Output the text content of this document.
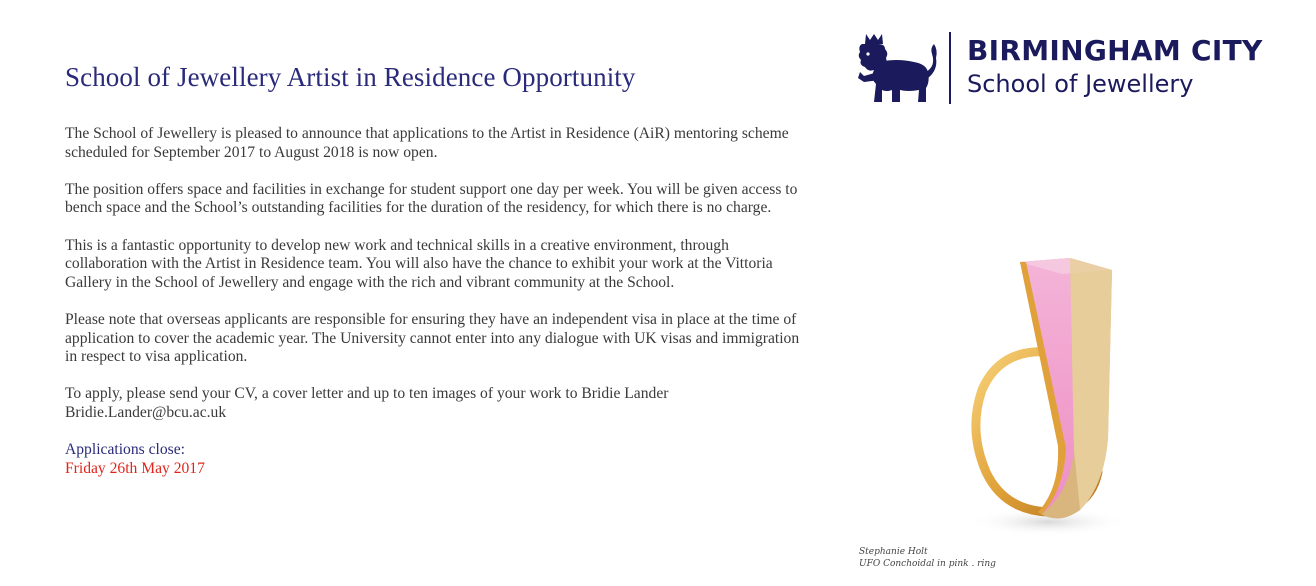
School of Jewellery Artist in Residence Opportunity

The School of Jewellery is pleased to announce that applications to the Artist in Residence (AiR) mentoring scheme scheduled for September 2017 to August 2018 is now open.

The position offers space and facilities in exchange for student support one day per week. You will be given access to bench space and the School’s outstanding facilities for the duration of the residency, for which there is no charge.

This is a fantastic opportunity to develop new work and technical skills in a creative environment, through collaboration with the Artist in Residence team. You will also have the chance to exhibit your work at the Vittoria Gallery in the School of Jewellery and engage with the rich and vibrant community at the School.

Please note that overseas applicants are responsible for ensuring they have an independent visa in place at the time of application to cover the academic year. The University cannot enter into any dialogue with UK visas and immigration in respect to visa application.

To apply, please send your CV, a cover letter and up to ten images of your work to Bridie Lander
Bridie.Lander@bcu.ac.uk

Applications close:
Friday 26th May 2017
BIRMINGHAM CITY
School of Jewellery
Stephanie Holt
UFO Conchoidal in pink . ring
